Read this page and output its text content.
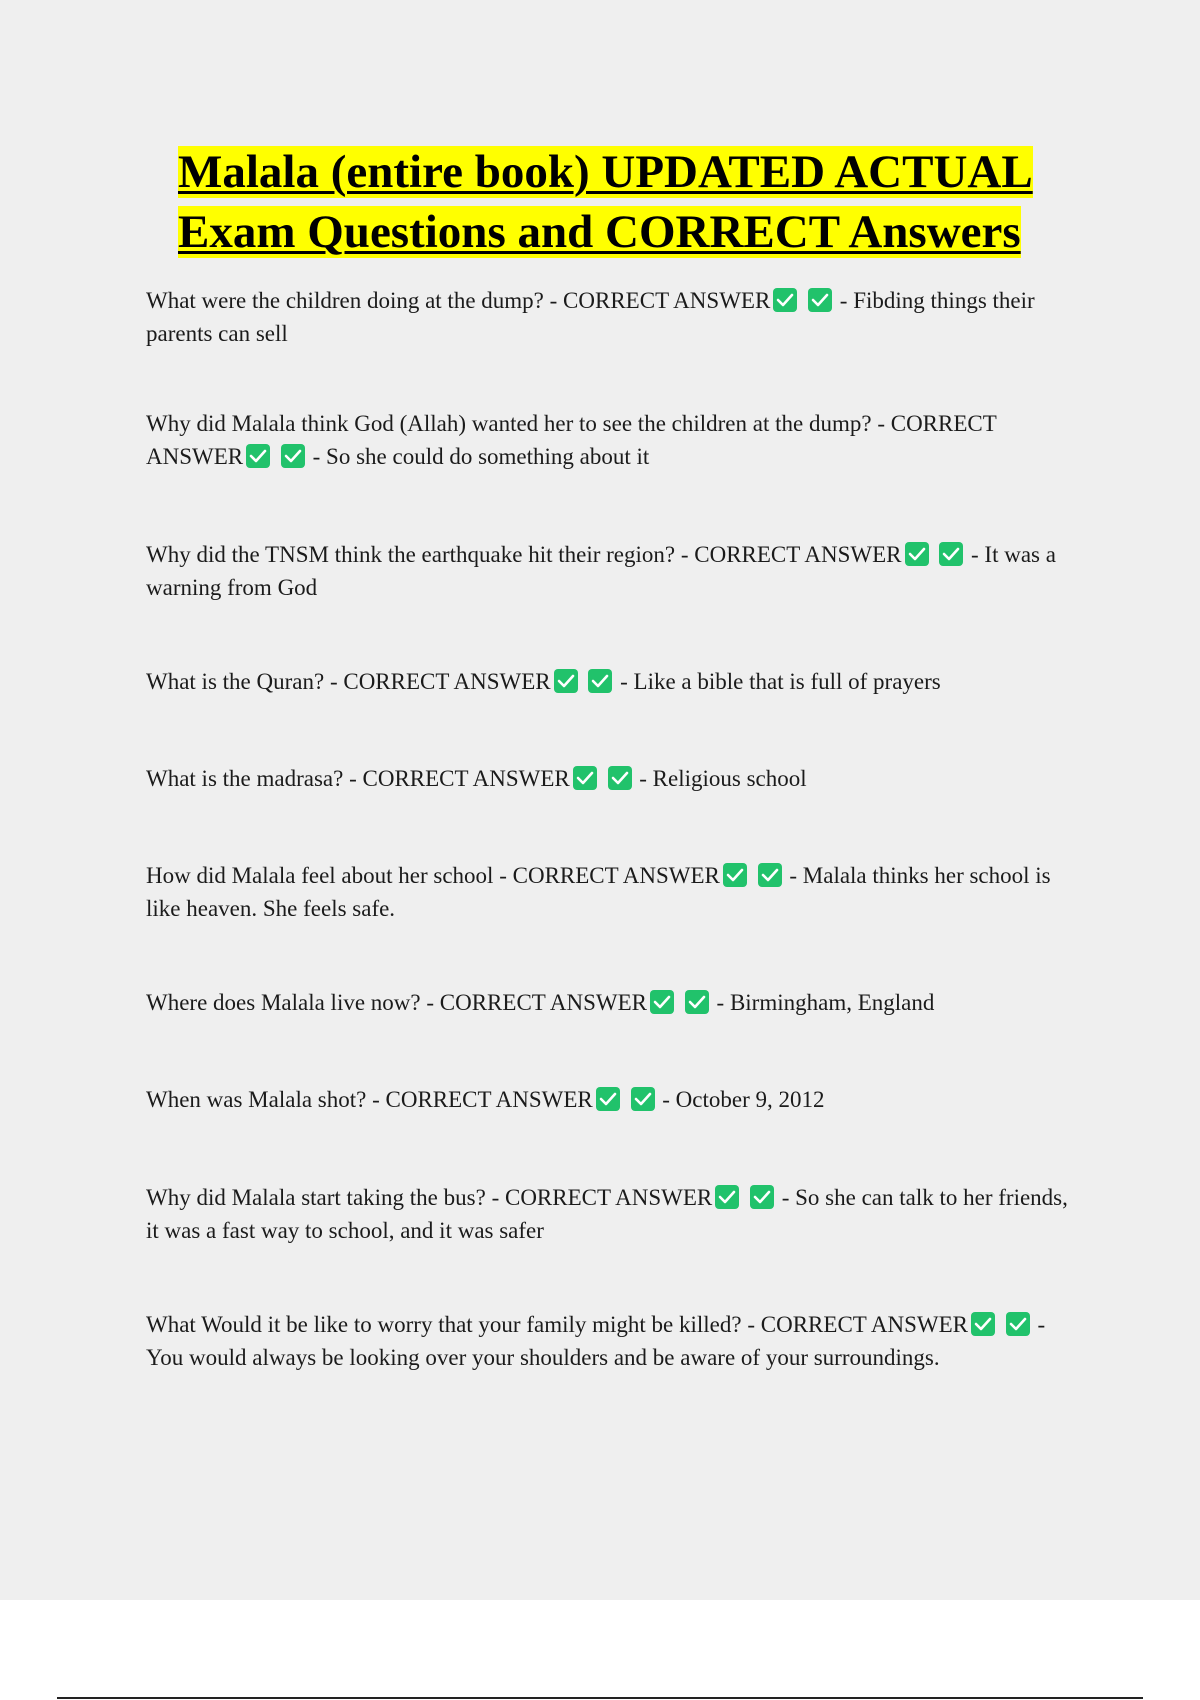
Malala (entire book) UPDATED ACTUAL
Exam Questions and CORRECT Answers

What were the children doing at the dump? - CORRECT ANSWER
	- Fibding things their parents can sell

Why did Malala think God (Allah) wanted her to see the children at the dump? - CORRECT ANSWER
	- So she could do something about it

Why did the TNSM think the earthquake hit their region? - CORRECT ANSWER
	- It was a warning from God

What is the Quran? - CORRECT ANSWER
	- Like a bible that is full of prayers

What is the madrasa? - CORRECT ANSWER
	- Religious school

How did Malala feel about her school - CORRECT ANSWER
	- Malala thinks her school is like heaven. She feels safe.

Where does Malala live now? - CORRECT ANSWER
	- Birmingham, England

When was Malala shot? - CORRECT ANSWER
	- October 9, 2012

Why did Malala start taking the bus? - CORRECT ANSWER
	- So she can talk to her friends, it was a fast way to school, and it was safer

What Would it be like to worry that your family might be killed? - CORRECT ANSWER
	- You would always be looking over your shoulders and be aware of your surroundings.
